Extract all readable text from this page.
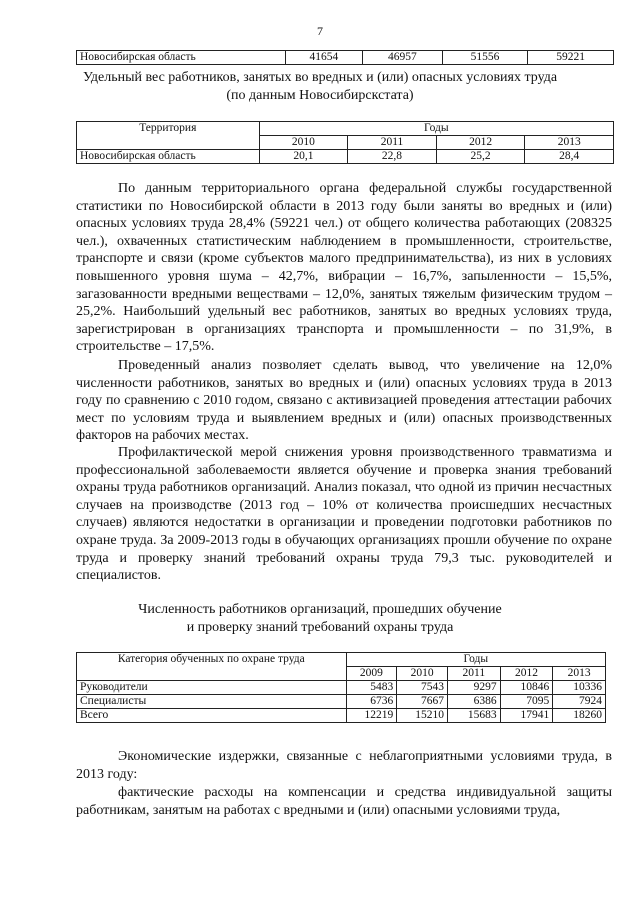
7
Новосибирская область	41654	46957	51556	59221
Удельный вес работников, занятых во вредных и (или) опасных условиях труда
(по данным Новосибирскстата)
Территория	Годы			
	2010	2011	2012	2013
Новосибирская область	20,1	22,8	25,2	28,4

По данным территориального органа федеральной службы государственной статистики по Новосибирской области в 2013 году были заняты во вредных и (или) опасных условиях труда 28,4% (59221 чел.) от общего количества работающих (208325 чел.), охваченных статистическим наблюдением в промышленности, строительстве, транспорте и связи (кроме субъектов малого предпринимательства), из них в условиях повышенного уровня шума – 42,7%, вибрации – 16,7%, запыленности – 15,5%, загазованности вредными веществами – 12,0%, занятых тяжелым физическим трудом – 25,2%. Наибольший удельный вес работников, занятых во вредных условиях труда, зарегистрирован в организациях транспорта и промышленности – по 31,9%, в строительстве – 17,5%.

Проведенный анализ позволяет сделать вывод, что увеличение на 12,0% численности работников, занятых во вредных и (или) опасных условиях труда в 2013 году по сравнению с 2010 годом, связано с активизацией проведения аттестации рабочих мест по условиям труда и выявлением вредных и (или) опасных производственных факторов на рабочих местах.

Профилактической мерой снижения уровня производственного травматизма и профессиональной заболеваемости является обучение и проверка знания требований охраны труда работников организаций. Анализ показал, что одной из причин несчастных случаев на производстве (2013 год – 10% от количества происшедших несчастных случаев) являются недостатки в организации и проведении подготовки работников по охране труда. За 2009-2013 годы в обучающих организациях прошли обучение по охране труда и проверку знаний требований охраны труда 79,3 тыс. руководителей и специалистов.

Численность работников организаций, прошедших обучение
и проверку знаний требований охраны труда
Категория обученных по охране труда	Годы				
	2009	2010	2011	2012	2013
Руководители	5483	7543	9297	10846	10336
Специалисты	6736	7667	6386	7095	7924
Всего	12219	15210	15683	17941	18260

Экономические издержки, связанные с неблагоприятными условиями труда, в 2013 году:

фактические расходы на компенсации и средства индивидуальной защиты работникам, занятым на работах с вредными и (или) опасными условиями труда,
